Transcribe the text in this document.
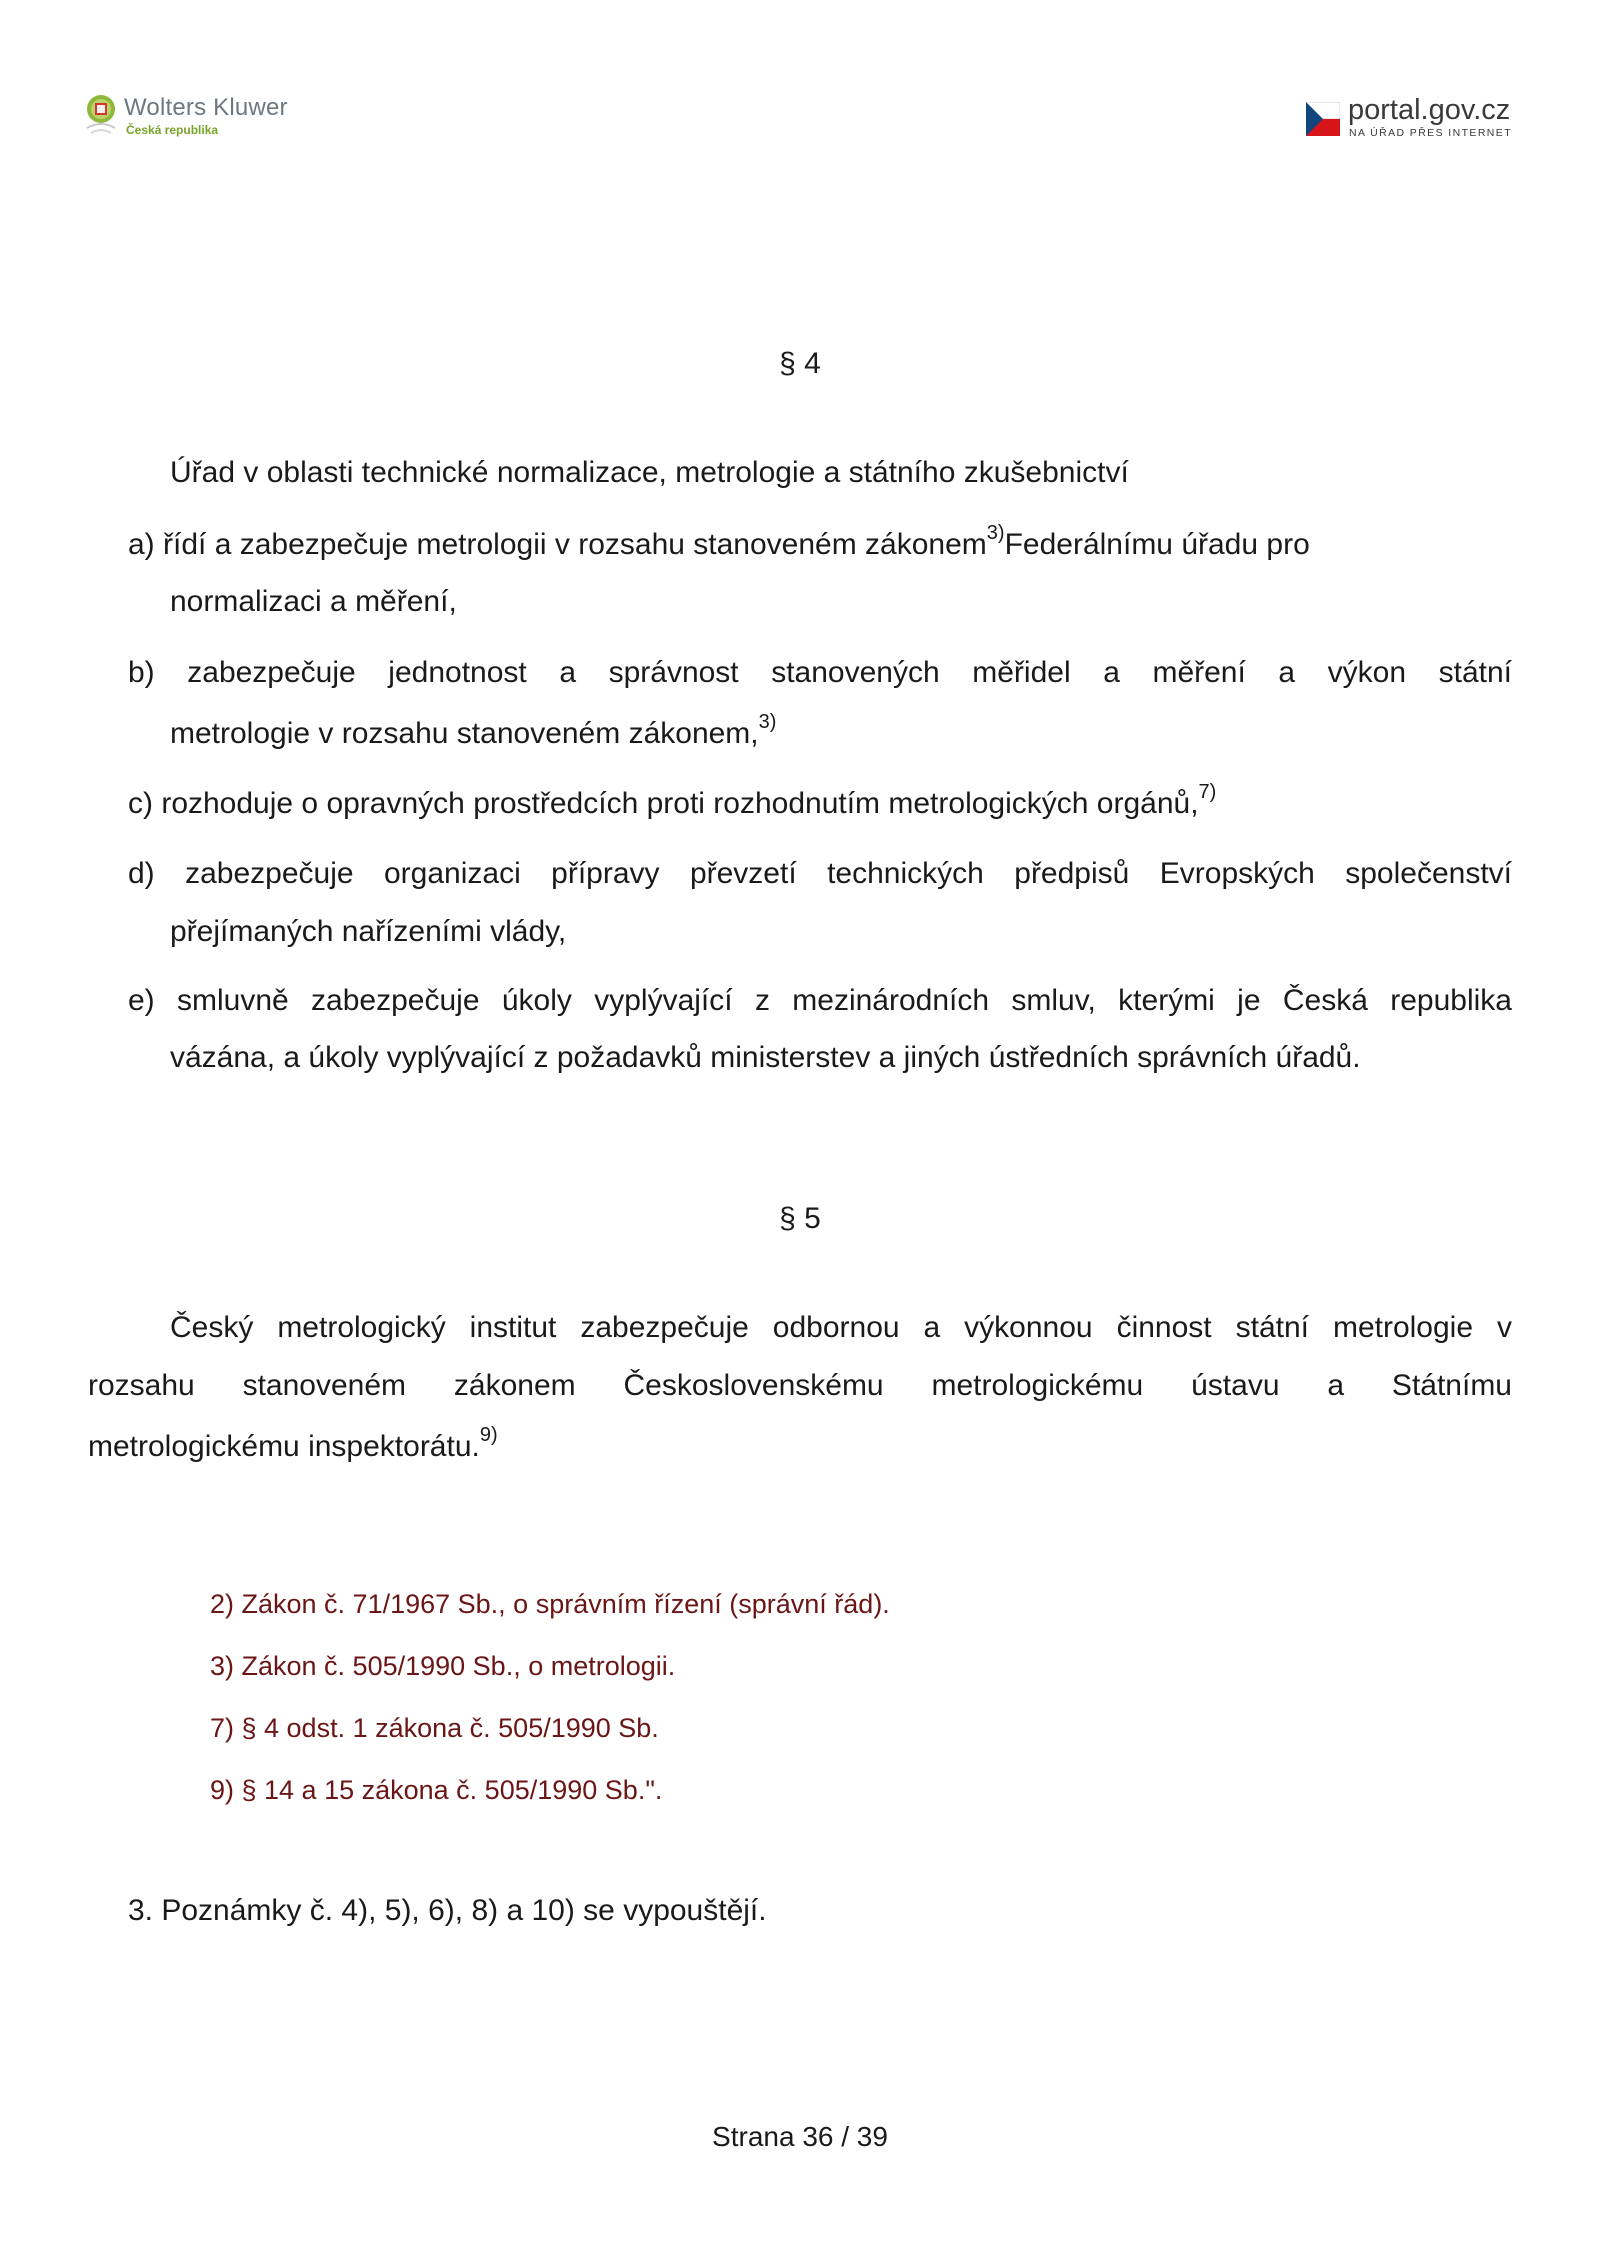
Wolters Kluwer
Česká republika
portal.gov.cz
NA ÚŘAD PŘES INTERNET
§ 4
Úřad v oblasti technické normalizace, metrologie a státního zkušebnictví
a) řídí a zabezpečuje metrologii v rozsahu stanoveném zákonem$^{3)}$Federálnímu úřadu pro
normalizaci a měření,
b) zabezpečuje jednotnost a správnost stanovených měřidel a měření a výkon státní
metrologie v rozsahu stanoveném zákonem,$^{3)}$
c) rozhoduje o opravných prostředcích proti rozhodnutím metrologických orgánů,$^{7)}$
d) zabezpečuje organizaci přípravy převzetí technických předpisů Evropských společenství
přejímaných nařízeními vlády,
e) smluvně zabezpečuje úkoly vyplývající z mezinárodních smluv, kterými je Česká republika
vázána, a úkoly vyplývající z požadavků ministerstev a jiných ústředních správních úřadů.
§ 5
Český metrologický institut zabezpečuje odbornou a výkonnou činnost státní metrologie v
rozsahu stanoveném zákonem Československému metrologickému ústavu a Státnímu
metrologickému inspektorátu.$^{9)}$
2) Zákon č. 71/1967 Sb., o správním řízení (správní řád).
3) Zákon č. 505/1990 Sb., o metrologii.
7) § 4 odst. 1 zákona č. 505/1990 Sb.
9) § 14 a 15 zákona č. 505/1990 Sb.".
3. Poznámky č. 4), 5), 6), 8) a 10) se vypouštějí.
Strana 36 / 39
